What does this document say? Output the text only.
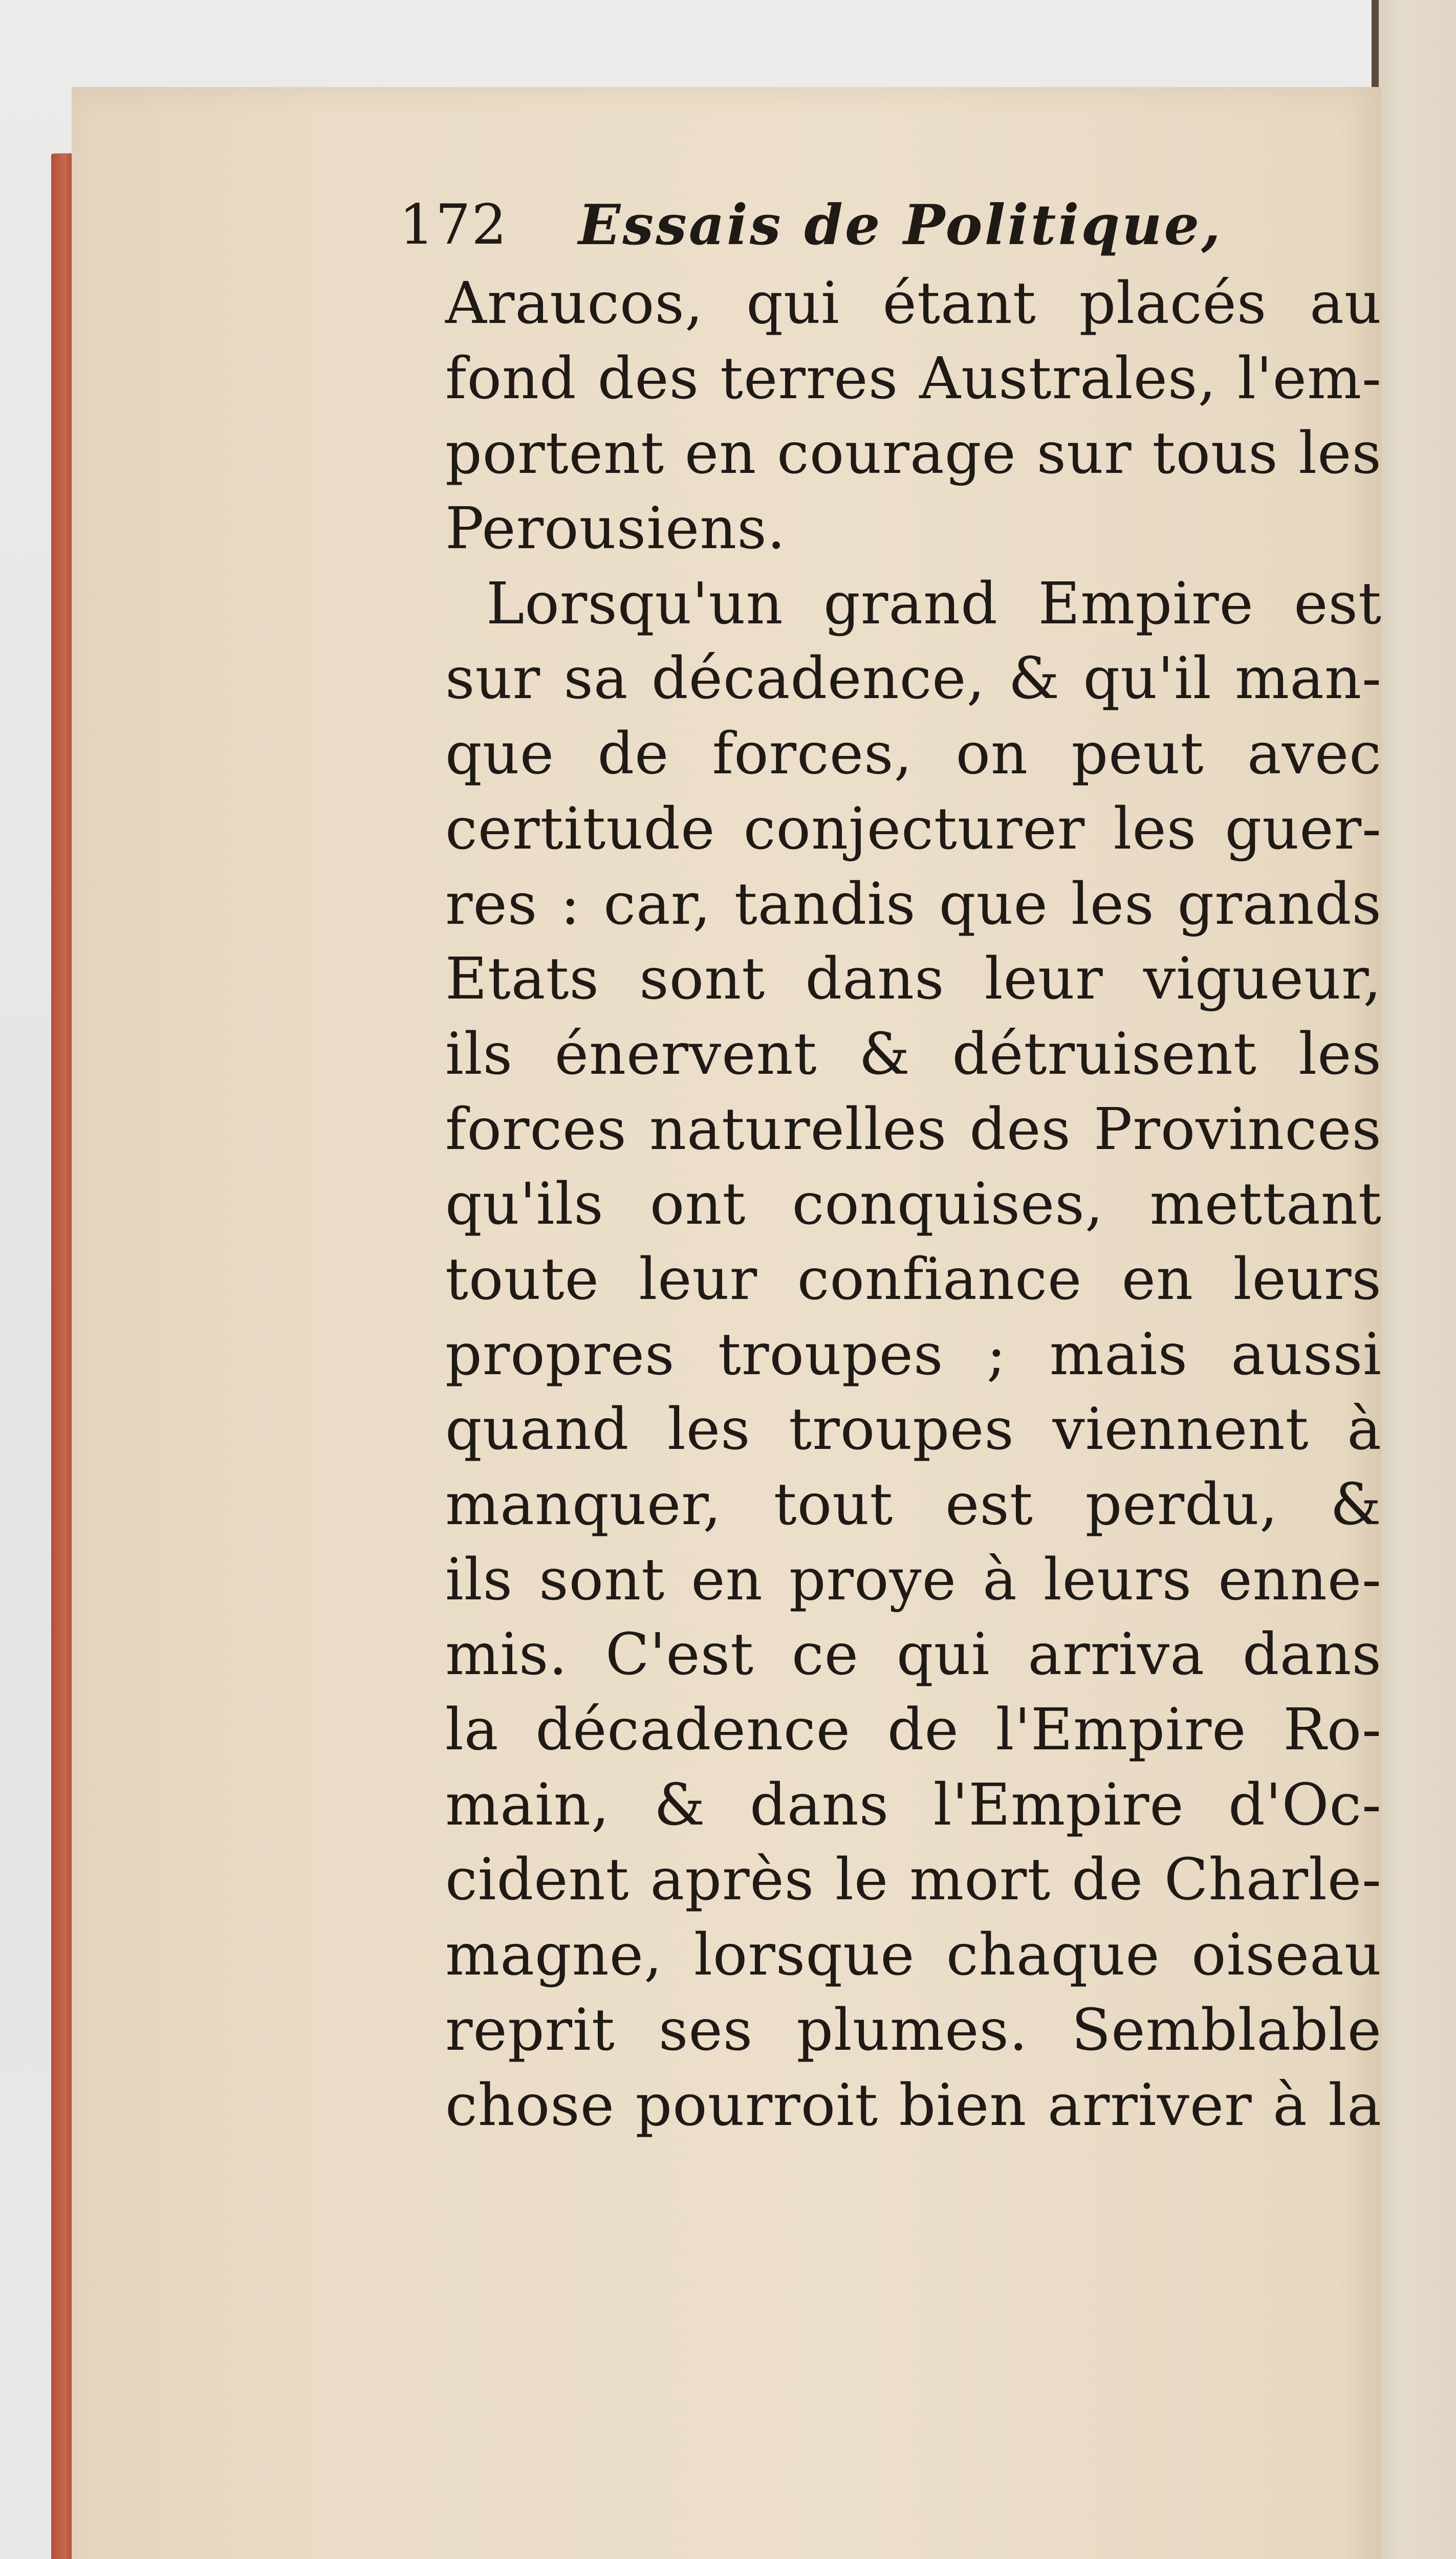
172 Essais de Politique,
Araucos, qui étant placés au
fond des terres Australes, l'em-
portent en courage sur tous les
Perousiens.
Lorsqu'un grand Empire est
sur sa décadence, & qu'il man-
que de forces, on peut avec
certitude conjecturer les guer-
res : car, tandis que les grands
Etats sont dans leur vigueur,
ils énervent & détruisent les
forces naturelles des Provinces
qu'ils ont conquises, mettant
toute leur confiance en leurs
propres troupes ; mais aussi
quand les troupes viennent à
manquer, tout est perdu, &
ils sont en proye à leurs enne-
mis. C'est ce qui arriva dans
la décadence de l'Empire Ro-
main, & dans l'Empire d'Oc-
cident après le mort de Charle-
magne, lorsque chaque oiseau
reprit ses plumes. Semblable
chose pourroit bien arriver à la
